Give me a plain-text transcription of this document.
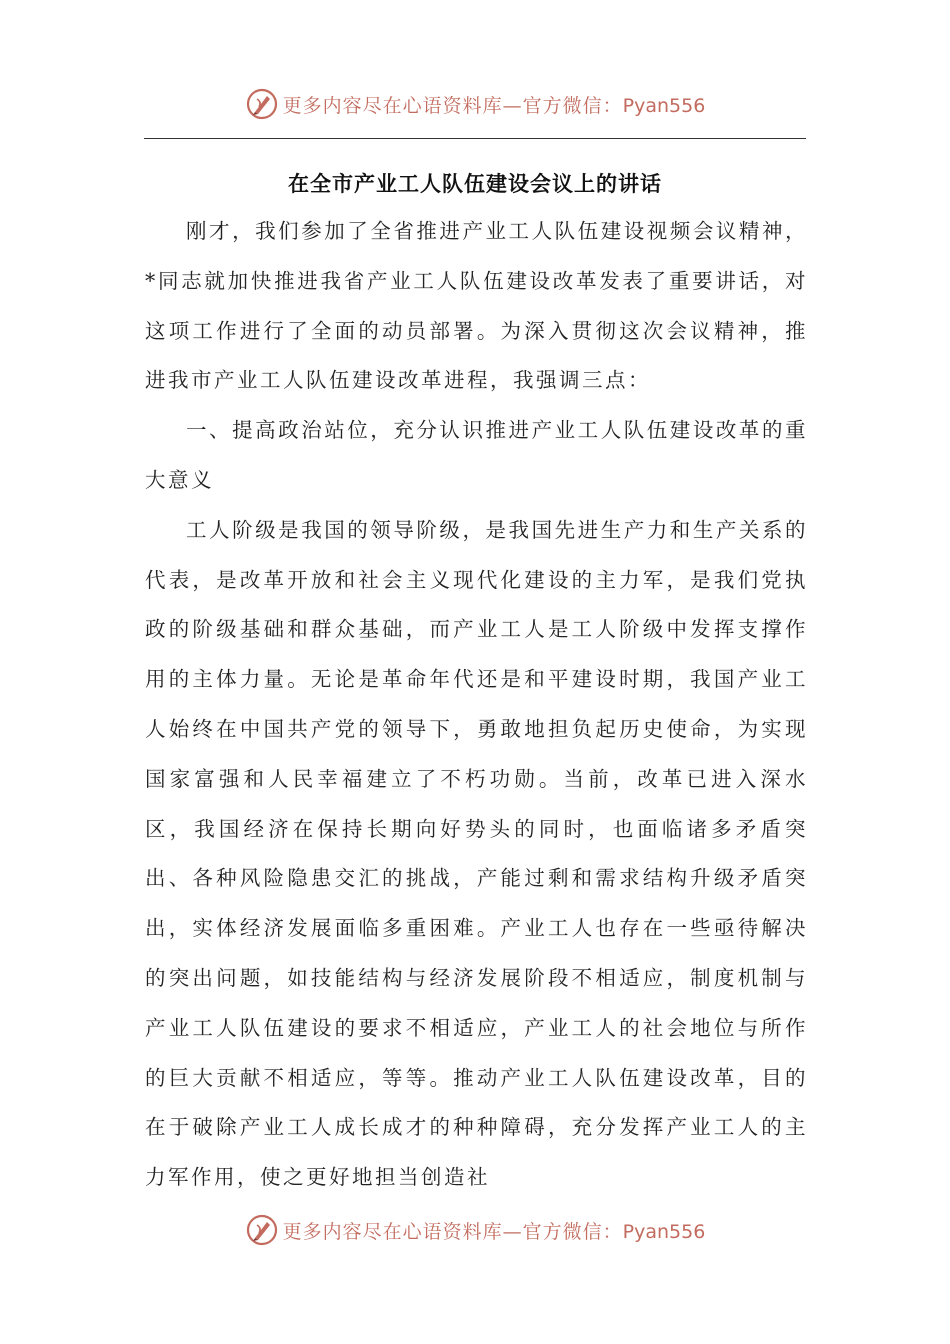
更多内容尽在心语资料库—官方微信：Pyan556
在全市产业工人队伍建设会议上的讲话

刚才，我们参加了全省推进产业工人队伍建设视频会议精神，*同志就加快推进我省产业工人队伍建设改革发表了重要讲话，对这项工作进行了全面的动员部署。为深入贯彻这次会议精神，推进我市产业工人队伍建设改革进程，我强调三点：

一、提高政治站位，充分认识推进产业工人队伍建设改革的重大意义

工人阶级是我国的领导阶级，是我国先进生产力和生产关系的代表，是改革开放和社会主义现代化建设的主力军，是我们党执政的阶级基础和群众基础，而产业工人是工人阶级中发挥支撑作用的主体力量。无论是革命年代还是和平建设时期，我国产业工人始终在中国共产党的领导下，勇敢地担负起历史使命，为实现国家富强和人民幸福建立了不朽功勋。当前，改革已进入深水区，我国经济在保持长期向好势头的同时，也面临诸多矛盾突出、各种风险隐患交汇的挑战，产能过剩和需求结构升级矛盾突出，实体经济发展面临多重困难。产业工人也存在一些亟待解决的突出问题，如技能结构与经济发展阶段不相适应，制度机制与产业工人队伍建设的要求不相适应，产业工人的社会地位与所作的巨大贡献不相适应，等等。推动产业工人队伍建设改革，目的在于破除产业工人成长成才的种种障碍，充分发挥产业工人的主力军作用，使之更好地担当创造社

更多内容尽在心语资料库—官方微信：Pyan556
